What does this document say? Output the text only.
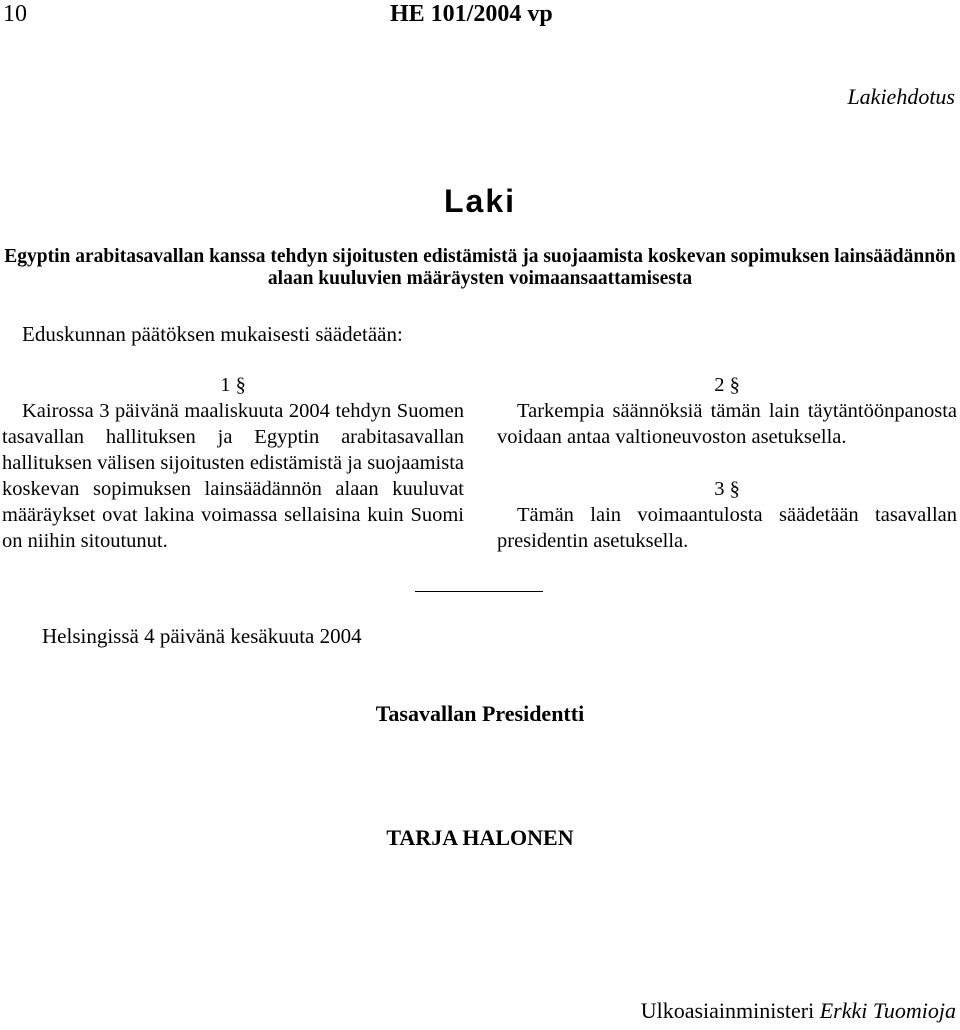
10	HE 101/2004 vp
Lakiehdotus
Laki
Egyptin arabitasavallan kanssa tehdyn sijoitusten edistämistä ja suojaamista koskevan sopimuksen lainsäädännön alaan kuuluvien määräysten voimaansaattamisesta
Eduskunnan päätöksen mukaisesti säädetään:
1 §

Kairossa 3 päivänä maaliskuuta 2004 tehdyn Suomen tasavallan hallituksen ja Egyptin arabitasavallan hallituksen välisen sijoitusten edistämistä ja suojaamista koskevan sopimuksen lainsäädännön alaan kuuluvat määräykset ovat lakina voimassa sellaisina kuin Suomi on niihin sitoutunut.

2 §

Tarkempia säännöksiä tämän lain täytäntöönpanosta voidaan antaa valtioneuvoston asetuksella.

3 §

Tämän lain voimaantulosta säädetään tasavallan presidentin asetuksella.

Helsingissä 4 päivänä kesäkuuta 2004
Tasavallan Presidentti
TARJA HALONEN
Ulkoasiainministeri Erkki Tuomioja
